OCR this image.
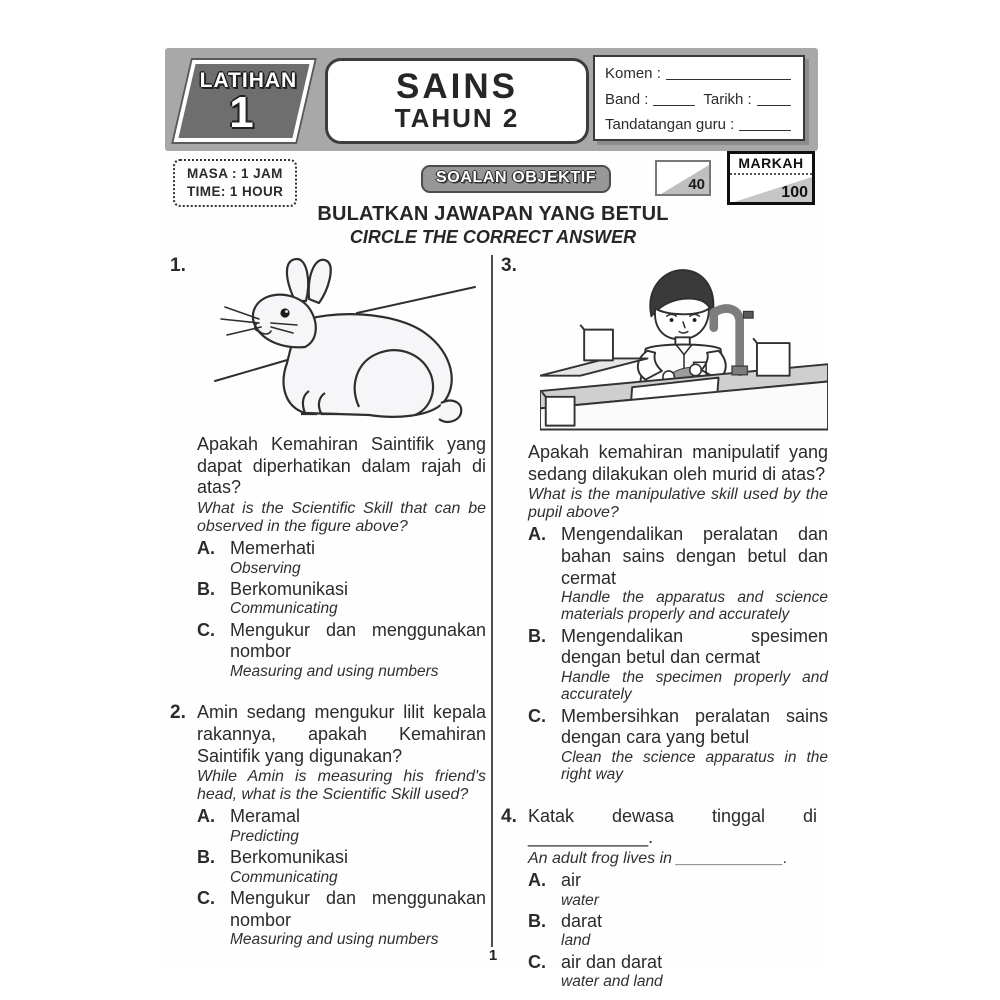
LATIHAN
1
SAINS
TAHUN 2
Komen :
Band :	Tarikh :
Tandatangan guru :
MASA : 1 JAM
TIME: 1 HOUR
SOALAN OBJEKTIF	40
MARKAH
100
BULATKAN JAWAPAN YANG BETUL
CIRCLE THE CORRECT ANSWER
1.

Apakah Kemahiran Saintifik yang dapat diperhatikan dalam rajah di atas?

What is the Scientific Skill that can be observed in the figure above?

A. Memerhati
Observing
B. Berkomunikasi
Communicating
C. Mengukur dan menggunakan nombor
Measuring and using numbers
2. Amin sedang mengukur lilit kepala rakannya, apakah Kemahiran Saintifik yang digunakan?

While Amin is measuring his friend's head, what is the Scientific Skill used?

A. Meramal
Predicting
B. Berkomunikasi
Communicating
C. Mengukur dan menggunakan nombor
Measuring and using numbers
3.

Apakah kemahiran manipulatif yang sedang dilakukan oleh murid di atas?

What is the manipulative skill used by the pupil above?

A. Mengendalikan peralatan dan bahan sains dengan betul dan cermat
Handle the apparatus and science materials properly and accurately
B. Mengendalikan spesimen dengan betul dan cermat
Handle the specimen properly and accurately
C. Membersihkan peralatan sains dengan cara yang betul
Clean the science apparatus in the right way
4. Katak dewasa tinggal di ____________.

An adult frog lives in ____________.

A. air
water
B. darat
land
C. air dan darat
water and land
1
